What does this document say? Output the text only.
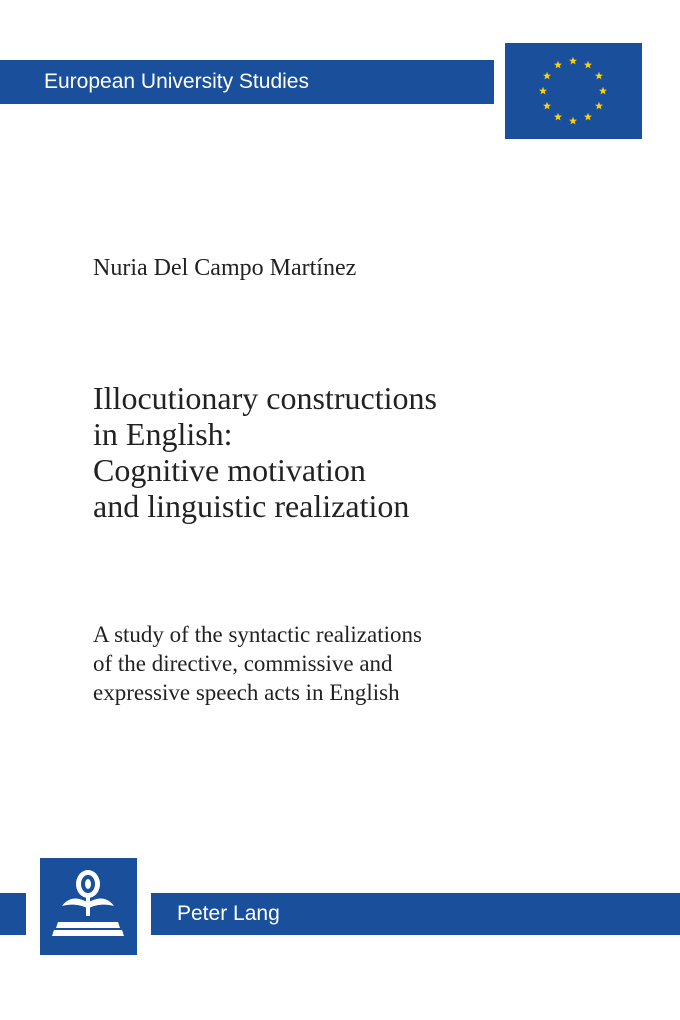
European University Studies
Nuria Del Campo Martínez
Illocutionary constructions
in English:
Cognitive motivation
and linguistic realization
A study of the syntactic realizations
of the directive, commissive and
expressive speech acts in English
Peter Lang
